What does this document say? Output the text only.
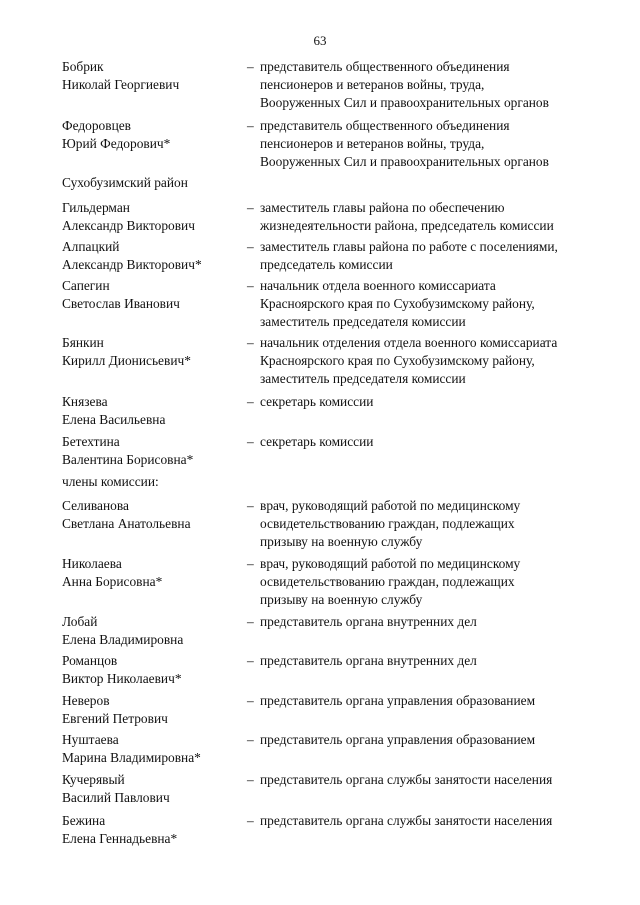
63
Бобрик
Николай Георгиевич
– представитель общественного объединения
пенсионеров и ветеранов войны, труда,
Вооруженных Сил и правоохранительных органов
Федоровцев
Юрий Федорович*
– представитель общественного объединения
пенсионеров и ветеранов войны, труда,
Вооруженных Сил и правоохранительных органов
Сухобузимский район
Гильдерман
Александр Викторович
– заместитель главы района по обеспечению
жизнедеятельности района, председатель комиссии
Алпацкий
Александр Викторович*
– заместитель главы района по работе с поселениями,
председатель комиссии
Сапегин
Светослав Иванович
– начальник отдела военного комиссариата
Красноярского края по Сухобузимскому району,
заместитель председателя комиссии
Бянкин
Кирилл Дионисьевич*
– начальник отделения отдела военного комиссариата
Красноярского края по Сухобузимскому району,
заместитель председателя комиссии
Князева
Елена Васильевна
– секретарь комиссии
Бетехтина
Валентина Борисовна*
– секретарь комиссии
члены комиссии:
Селиванова
Светлана Анатольевна
– врач, руководящий работой по медицинскому
освидетельствованию граждан, подлежащих
призыву на военную службу
Николаева
Анна Борисовна*
– врач, руководящий работой по медицинскому
освидетельствованию граждан, подлежащих
призыву на военную службу
Лобай
Елена Владимировна
– представитель органа внутренних дел
Романцов
Виктор Николаевич*
– представитель органа внутренних дел
Неверов
Евгений Петрович
– представитель органа управления образованием
Нуштаева
Марина Владимировна*
– представитель органа управления образованием
Кучерявый
Василий Павлович
– представитель органа службы занятости населения
Бежина
Елена Геннадьевна*
– представитель органа службы занятости населения
